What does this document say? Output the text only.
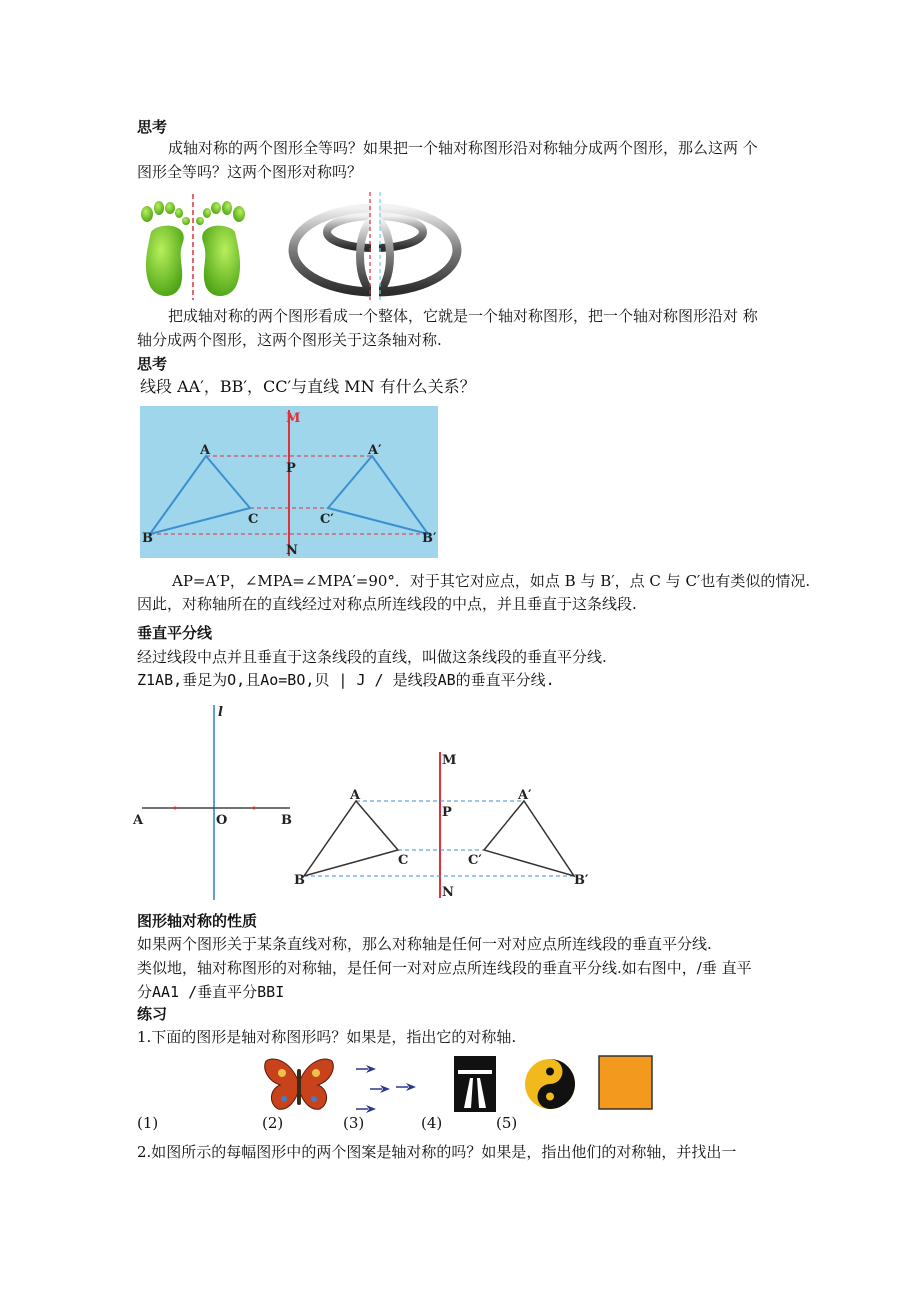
思考
成轴对称的两个图形全等吗？如果把一个轴对称图形沿对称轴分成两个图形，那么这两 个
图形全等吗？这两个图形对称吗？
把成轴对称的两个图形看成一个整体，它就是一个轴对称图形，把一个轴对称图形沿对 称
轴分成两个图形，这两个图形关于这条轴对称.
思考
线段 AA′，BB′，CC′与直线 MN 有什么关系？
M
N
P
A
B
C
A′
B′
C′
AP=A′P，∠MPA=∠MPA′=90°．对于其它对应点，如点 B 与 B′，点 C 与 C′也有类似的情况.
因此，对称轴所在的直线经过对称点所连线段的中点，并且垂直于这条线段.
垂直平分线
经过线段中点并且垂直于这条线段的直线，叫做这条线段的垂直平分线.
Z1AB,垂足为O,且Ao=BO,贝 | J / 是线段AB的垂直平分线.
l
A	O	B
M
N
P
A
B
C
A′
B′
C′
图形轴对称的性质
如果两个图形关于某条直线对称，那么对称轴是任何一对对应点所连线段的垂直平分线.
类似地，轴对称图形的对称轴，是任何一对对应点所连线段的垂直平分线.如右图中，/垂 直平
分AA1 /垂直平分BBI
练习
1.下面的图形是轴对称图形吗？如果是，指出它的对称轴.
(1)	(2)	(3)	(4)	(5)
2.如图所示的每幅图形中的两个图案是轴对称的吗？如果是，指出他们的对称轴，并找出一
